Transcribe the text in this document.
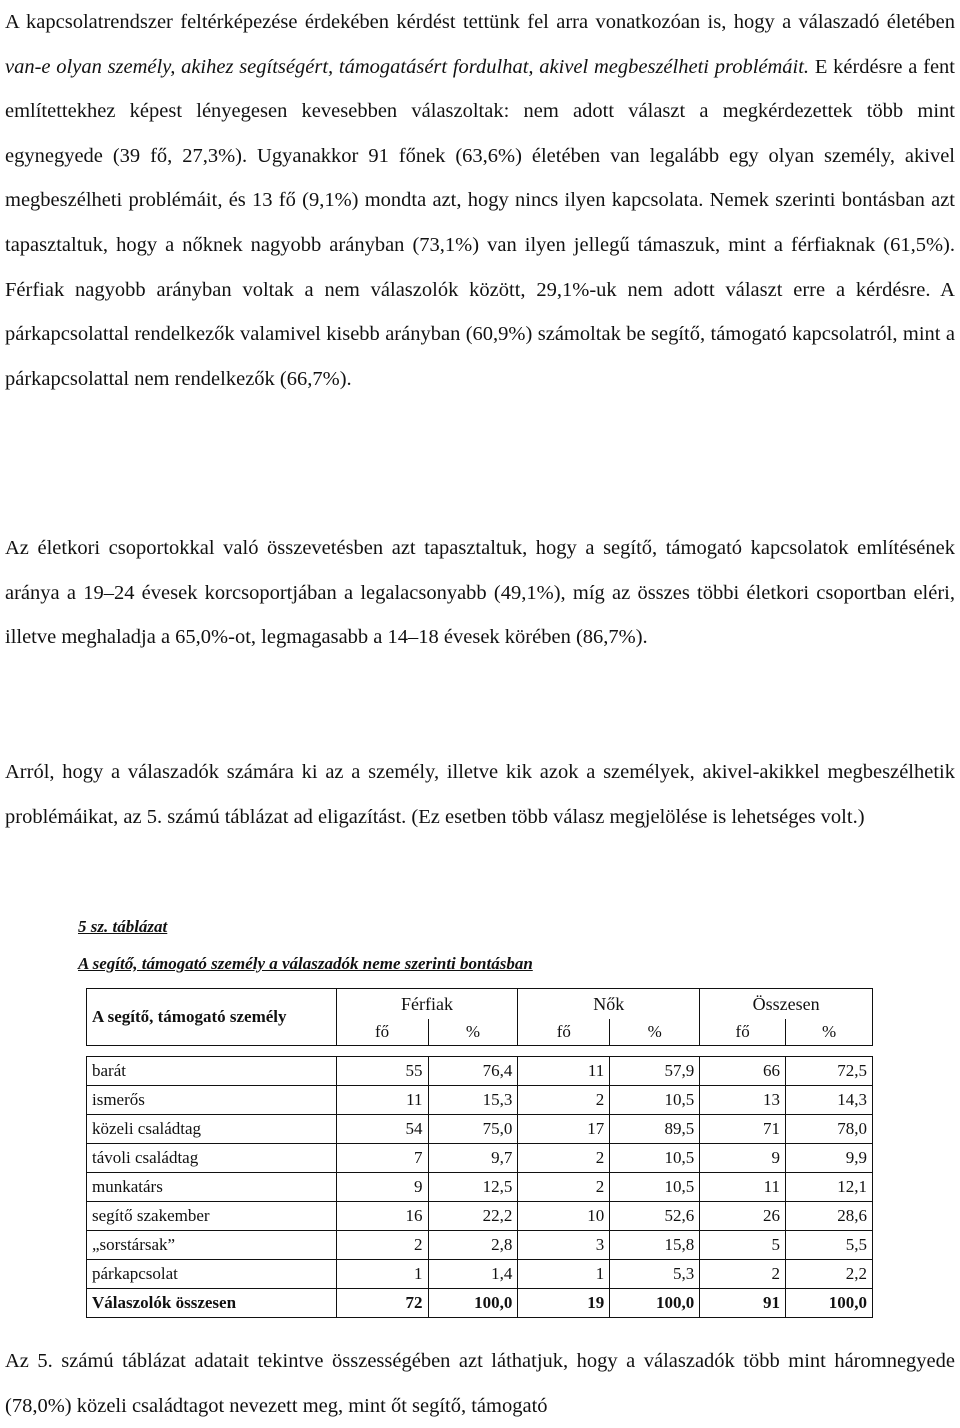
A kapcsolatrendszer feltérképezése érdekében kérdést tettünk fel arra vonatkozóan is, hogy a válaszadó életében van-e olyan személy, akihez segítségért, támogatásért fordulhat, akivel megbeszélheti problémáit. E kérdésre a fent említettekhez képest lényegesen kevesebben válaszoltak: nem adott választ a megkérdezettek több mint egynegyede (39 fő, 27,3%). Ugyanakkor 91 főnek (63,6%) életében van legalább egy olyan személy, akivel megbeszélheti problémáit, és 13 fő (9,1%) mondta azt, hogy nincs ilyen kapcsolata. Nemek szerinti bontásban azt tapasztaltuk, hogy a nőknek nagyobb arányban (73,1%) van ilyen jellegű támaszuk, mint a férfiaknak (61,5%). Férfiak nagyobb arányban voltak a nem válaszolók között, 29,1%-uk nem adott választ erre a kérdésre. A párkapcsolattal rendelkezők valamivel kisebb arányban (60,9%) számoltak be segítő, támogató kapcsolatról, mint a párkapcsolattal nem rendelkezők (66,7%).

Az életkori csoportokkal való összevetésben azt tapasztaltuk, hogy a segítő, támogató kapcsolatok említésének aránya a 19–24 évesek korcsoportjában a legalacsonyabb (49,1%), míg az összes többi életkori csoportban eléri, illetve meghaladja a 65,0%-ot, legmagasabb a 14–18 évesek körében (86,7%).

Arról, hogy a válaszadók számára ki az a személy, illetve kik azok a személyek, akivel-akikkel megbeszélhetik problémáikat, az 5. számú táblázat ad eligazítást. (Ez esetben több válasz megjelölése is lehetséges volt.)

5 sz. táblázat

A segítő, támogató személy a válaszadók neme szerinti bontásban

A segítő, támogató személy	Férfiak		Nők		Összesen	
	fő	%	fő	%	fő	%

barát	55	76,4	11	57,9	66	72,5
ismerős	11	15,3	2	10,5	13	14,3
közeli családtag	54	75,0	17	89,5	71	78,0
távoli családtag	7	9,7	2	10,5	9	9,9
munkatárs	9	12,5	2	10,5	11	12,1
segítő szakember	16	22,2	10	52,6	26	28,6
„sorstársak”	2	2,8	3	15,8	5	5,5
párkapcsolat	1	1,4	1	5,3	2	2,2
Válaszolók összesen	72	100,0	19	100,0	91	100,0

Az 5. számú táblázat adatait tekintve összességében azt láthatjuk, hogy a válaszadók több mint háromnegyede (78,0%) közeli családtagot nevezett meg, mint őt segítő, támogató
